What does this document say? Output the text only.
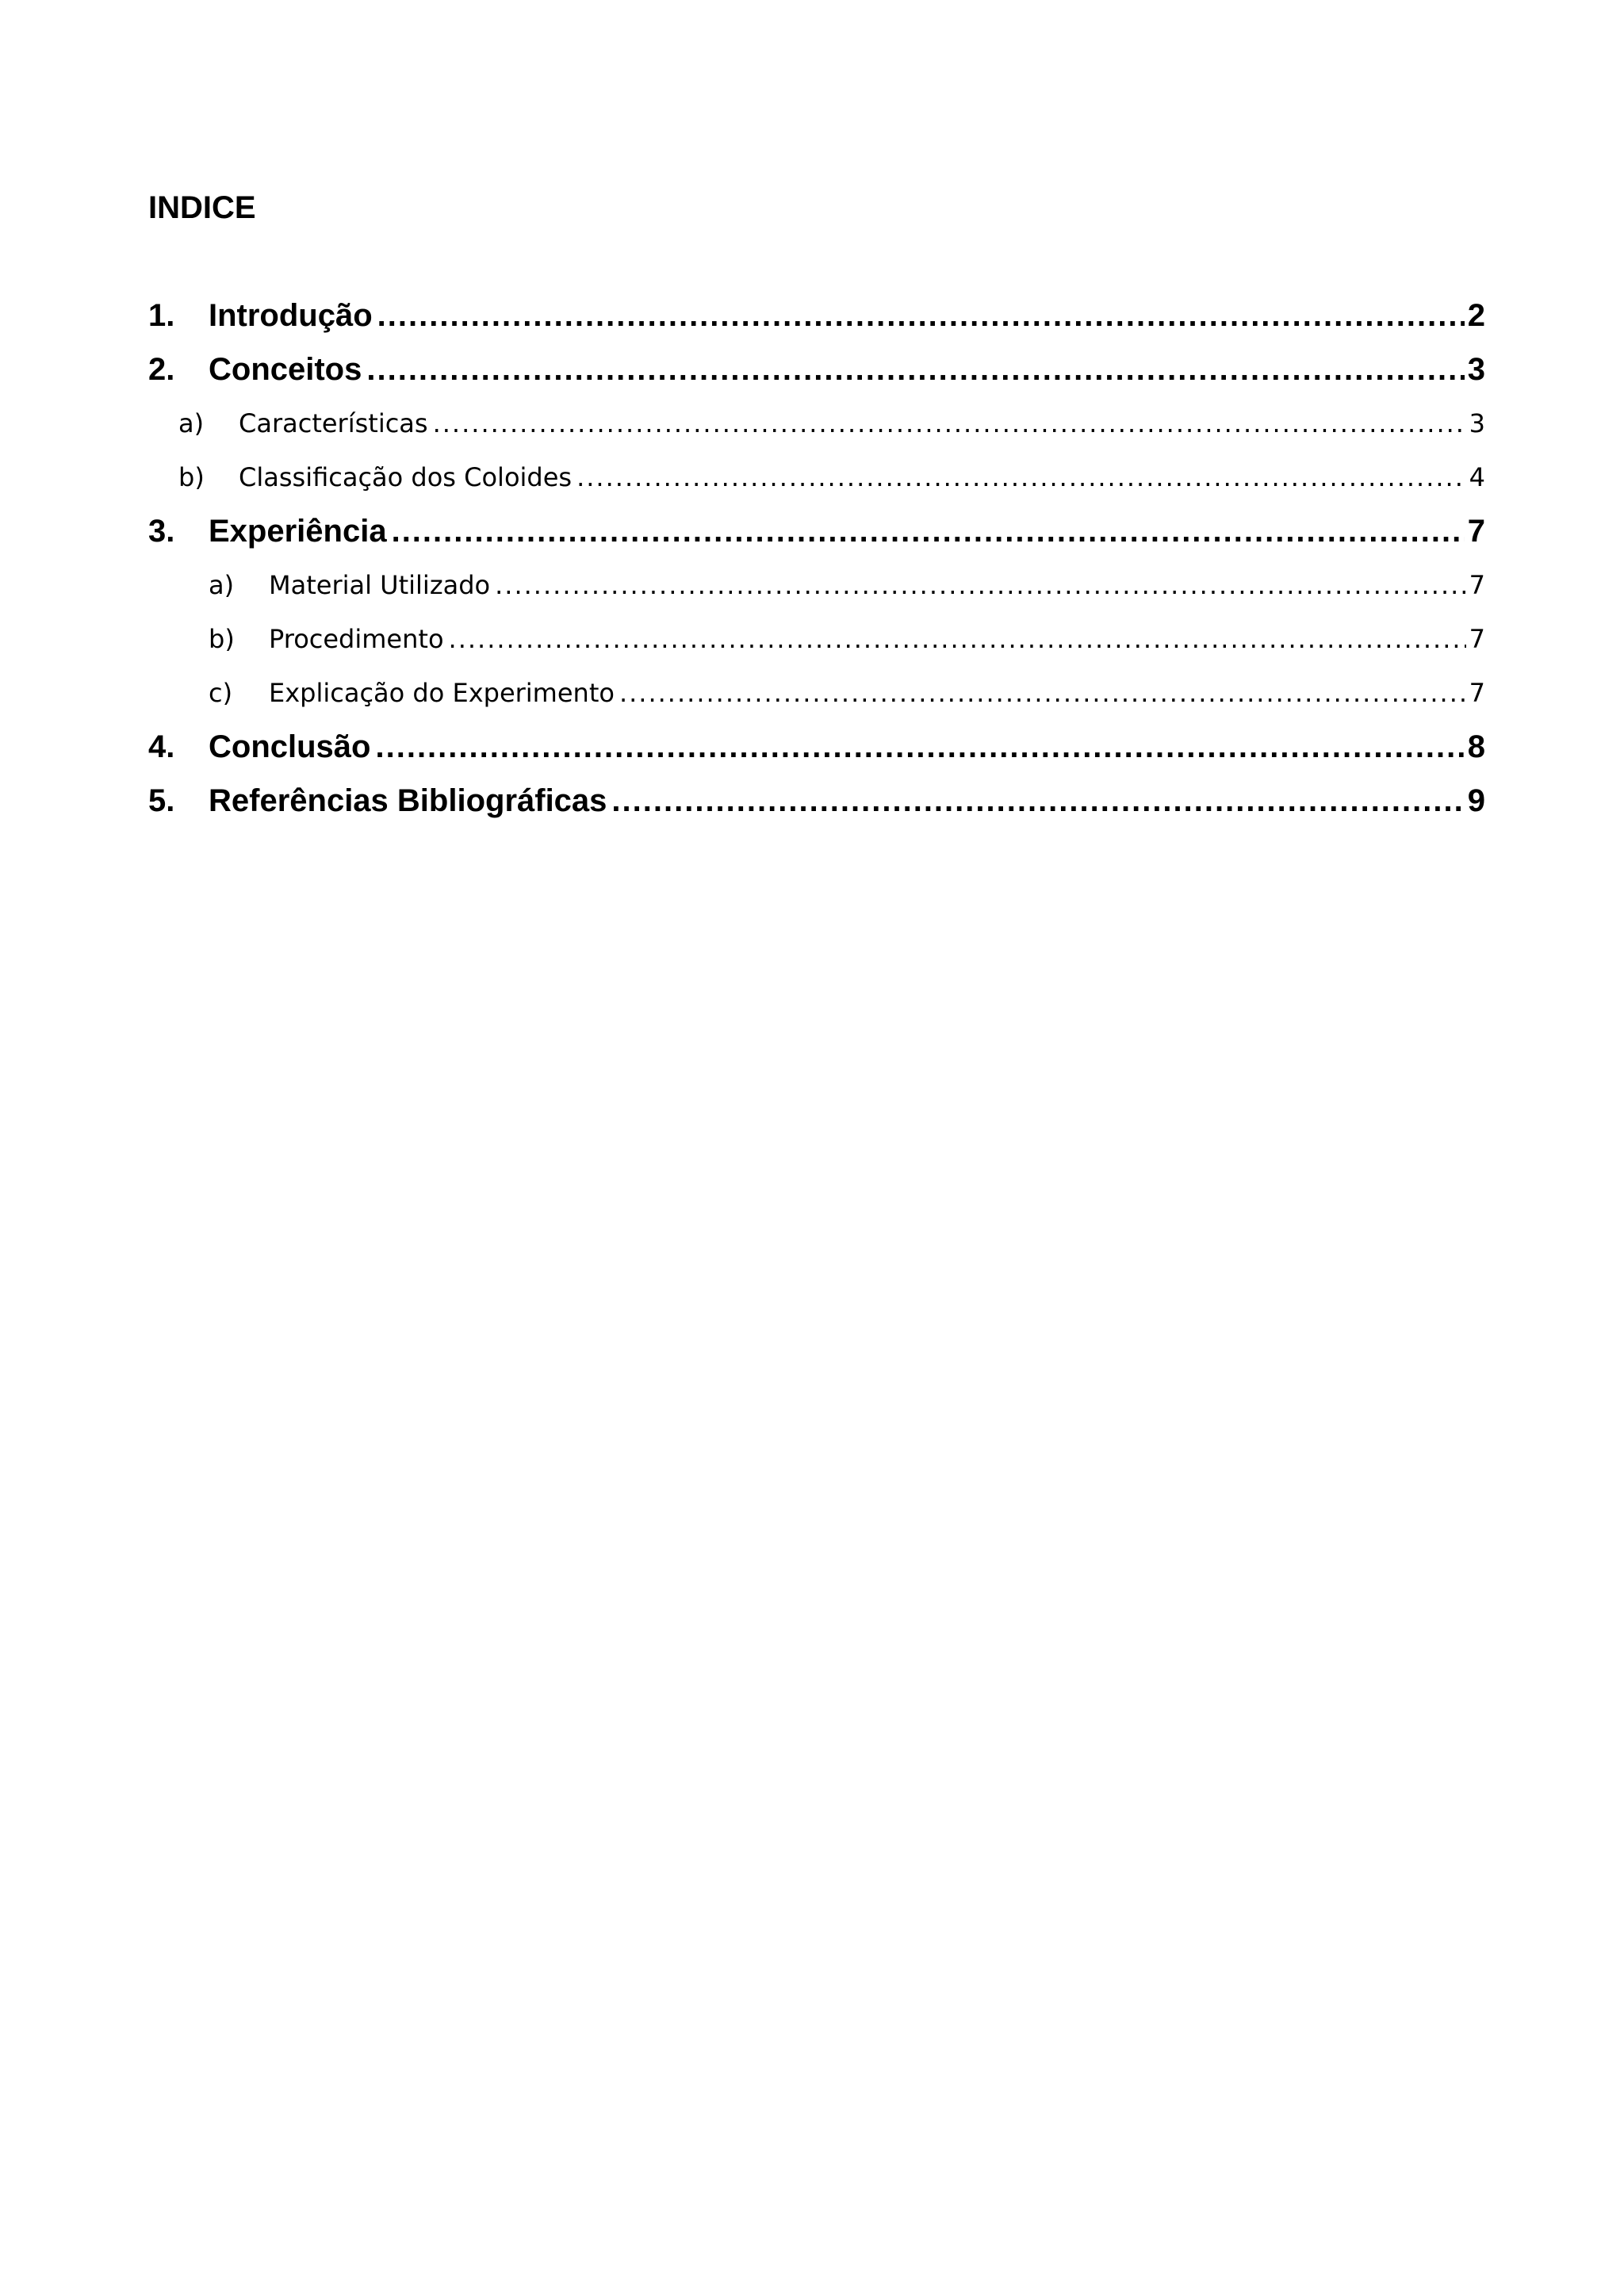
INDICE
1.	Introdução .....	2
2.	Conceitos .....	3
a)	Características .....	3
b)	Classificação dos Coloides .....	4
3.	Experiência .....	7
a)	Material Utilizado .....	7
b)	Procedimento .....	7
c)	Explicação do Experimento .....	7
4.	Conclusão .....	8
5.	Referências Bibliográficas .....	9
